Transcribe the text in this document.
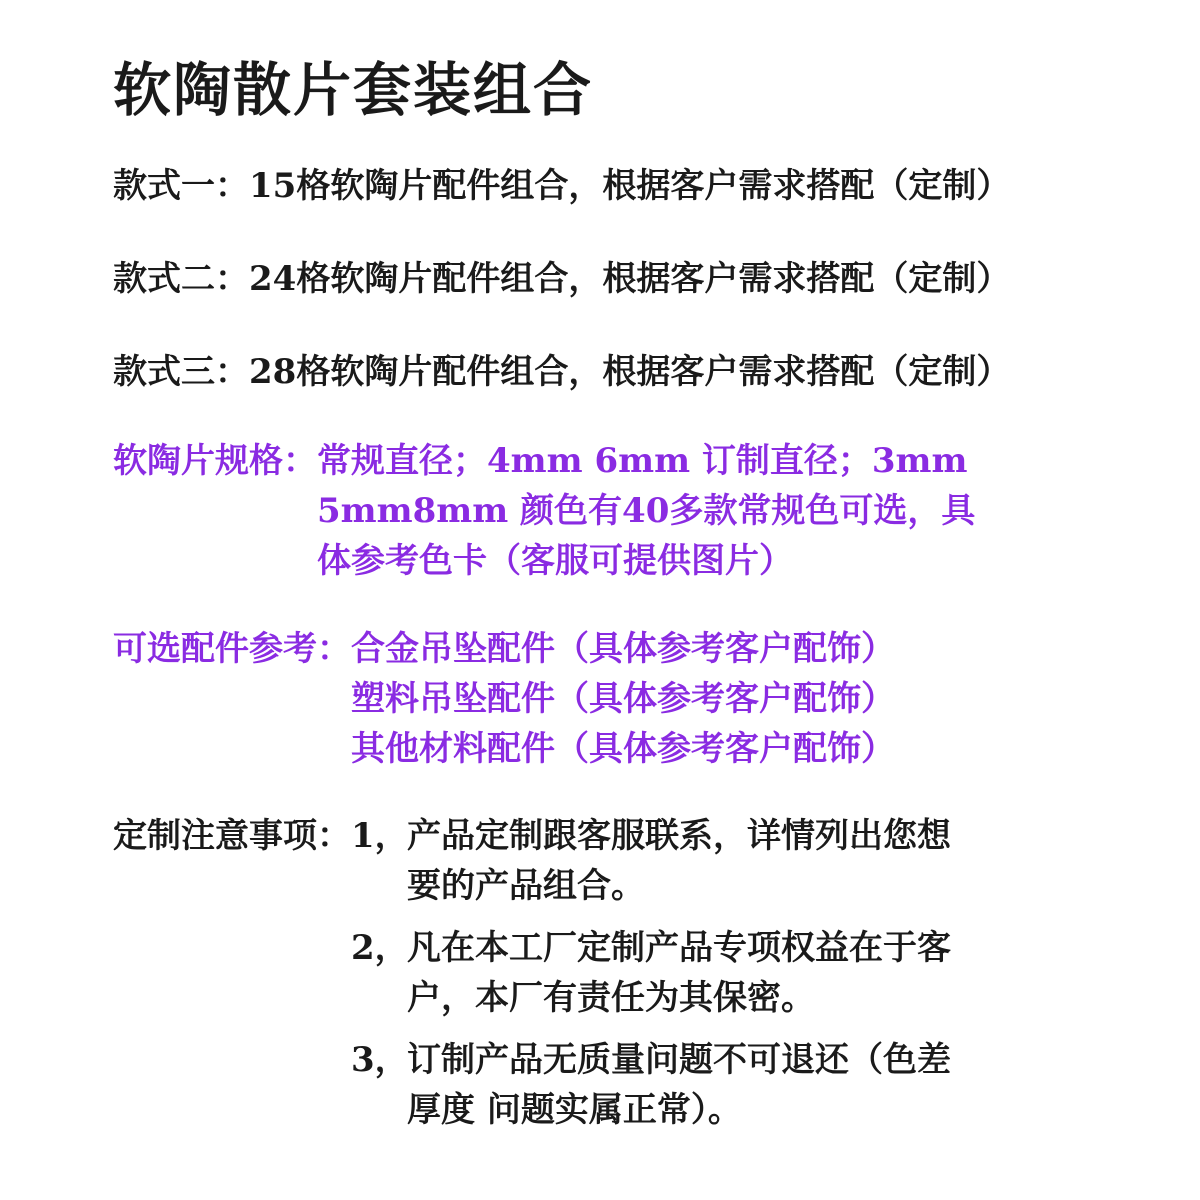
软陶散片套装组合
款式一：15格软陶片配件组合，根据客户需求搭配（定制）
款式二：24格软陶片配件组合，根据客户需求搭配（定制）
款式三：28格软陶片配件组合，根据客户需求搭配（定制）
软陶片规格： 常规直径；4mm 6mm 订制直径；3mm 5mm8mm 颜色有40多款常规色可选，具体参考色卡（客服可提供图片）
可选配件参考： 合金吊坠配件（具体参考客户配饰）
塑料吊坠配件（具体参考客户配饰）
其他材料配件（具体参考客户配饰）
定制注意事项： 1，
产品定制跟客服联系，详情列出您想要的产品组合。
2，
凡在本工厂定制产品专项权益在于客户，本厂有责任为其保密。
3，
订制产品无质量问题不可退还（色差厚度 问题实属正常）。
